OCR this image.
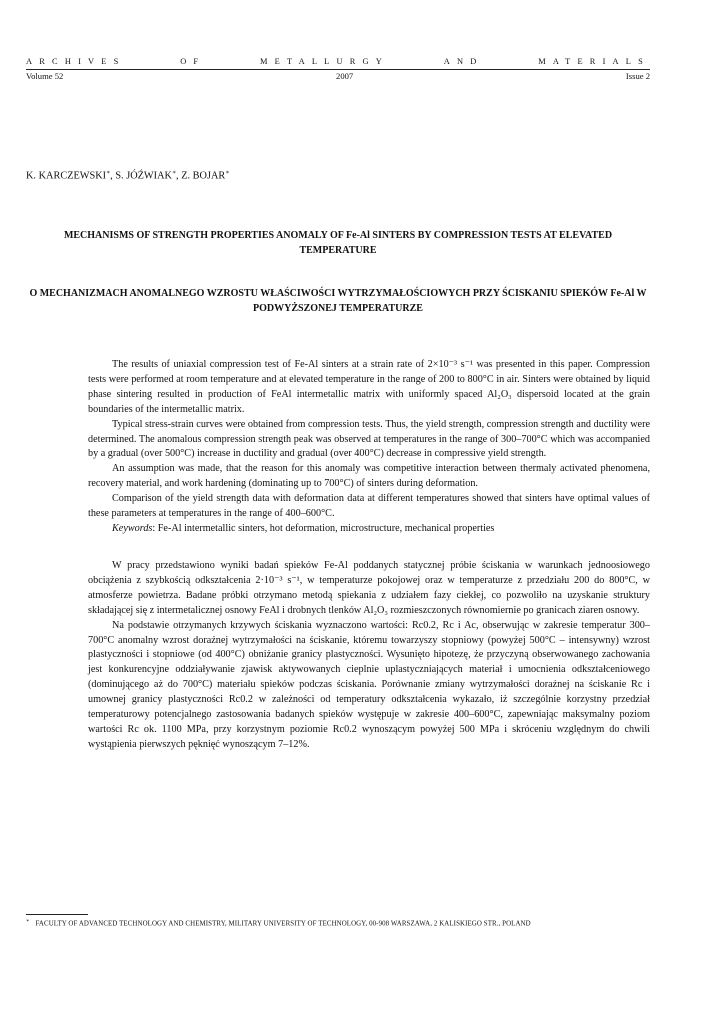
ARCHIVES	OF	METALLURGY	AND	MATERIALS
Volume 52	2007	Issue 2
K. KARCZEWSKI∗, S. JÓŹWIAK∗, Z. BOJAR∗
MECHANISMS OF STRENGTH PROPERTIES ANOMALY OF Fe-Al SINTERS BY COMPRESSION TESTS AT ELEVATED TEMPERATURE
O MECHANIZMACH ANOMALNEGO WZROSTU WŁAŚCIWOŚCI WYTRZYMAŁOŚCIOWYCH PRZY ŚCISKANIU SPIEKÓW Fe-Al W PODWYŻSZONEJ TEMPERATURZE

The results of uniaxial compression test of Fe-Al sinters at a strain rate of 2×10⁻³ s⁻¹ was presented in this paper. Compression tests were performed at room temperature and at elevated temperature in the range of 200 to 800°C in air. Sinters were obtained by liquid phase sintering resulted in production of FeAl intermetallic matrix with uniformly spaced Al₂O₃ dispersoid located at the grain boundaries of the intermetallic matrix.

Typical stress-strain curves were obtained from compression tests. Thus, the yield strength, compression strength and ductility were determined. The anomalous compression strength peak was observed at temperatures in the range of 300–700°C which was accompanied by a gradual (over 500°C) increase in ductility and gradual (over 400°C) decrease in compressive yield strength.

An assumption was made, that the reason for this anomaly was competitive interaction between thermaly activated phenomena, recovery material, and work hardening (dominating up to 700°C) of sinters during deformation.

Comparison of the yield strength data with deformation data at different temperatures showed that sinters have optimal values of these parameters at temperatures in the range of 400–600°C.

Keywords: Fe-Al intermetallic sinters, hot deformation, microstructure, mechanical properties

W pracy przedstawiono wyniki badań spieków Fe-Al poddanych statycznej próbie ściskania w warunkach jednoosiowego obciążenia z szybkością odkształcenia 2·10⁻³ s⁻¹, w temperaturze pokojowej oraz w temperaturze z przedziału 200 do 800°C, w atmosferze powietrza. Badane próbki otrzymano metodą spiekania z udziałem fazy ciekłej, co pozwoliło na uzyskanie struktury składającej się z intermetalicznej osnowy FeAl i drobnych tlenków Al₂O₃ rozmieszczonych równomiernie po granicach ziaren osnowy.

Na podstawie otrzymanych krzywych ściskania wyznaczono wartości: Rc0.2, Rc i Ac, obserwując w zakresie temperatur 300–700°C anomalny wzrost doraźnej wytrzymałości na ściskanie, któremu towarzyszy stopniowy (powyżej 500°C – intensywny) wzrost plastyczności i stopniowe (od 400°C) obniżanie granicy plastyczności. Wysunięto hipotezę, że przyczyną obserwowanego zachowania jest konkurencyjne oddziaływanie zjawisk aktywowanych cieplnie uplastyczniających materiał i umocnienia odkształceniowego (dominującego aż do 700°C) materiału spieków podczas ściskania. Porównanie zmiany wytrzymałości doraźnej na ściskanie Rc i umownej granicy plastyczności Rc0.2 w zależności od temperatury odkształcenia wykazało, iż szczególnie korzystny przedział temperaturowy potencjalnego zastosowania badanych spieków występuje w zakresie 400–600°C, zapewniając maksymalny poziom wartości Rc ok. 1100 MPa, przy korzystnym poziomie Rc0.2 wynoszącym powyżej 500 MPa i skróceniu względnym do chwili wystąpienia pierwszych pęknięć wynoszącym 7–12%.

∗ FACULTY OF ADVANCED TECHNOLOGY AND CHEMISTRY, MILITARY UNIVERSITY OF TECHNOLOGY, 00-908 WARSZAWA, 2 KALISKIEGO STR., POLAND
